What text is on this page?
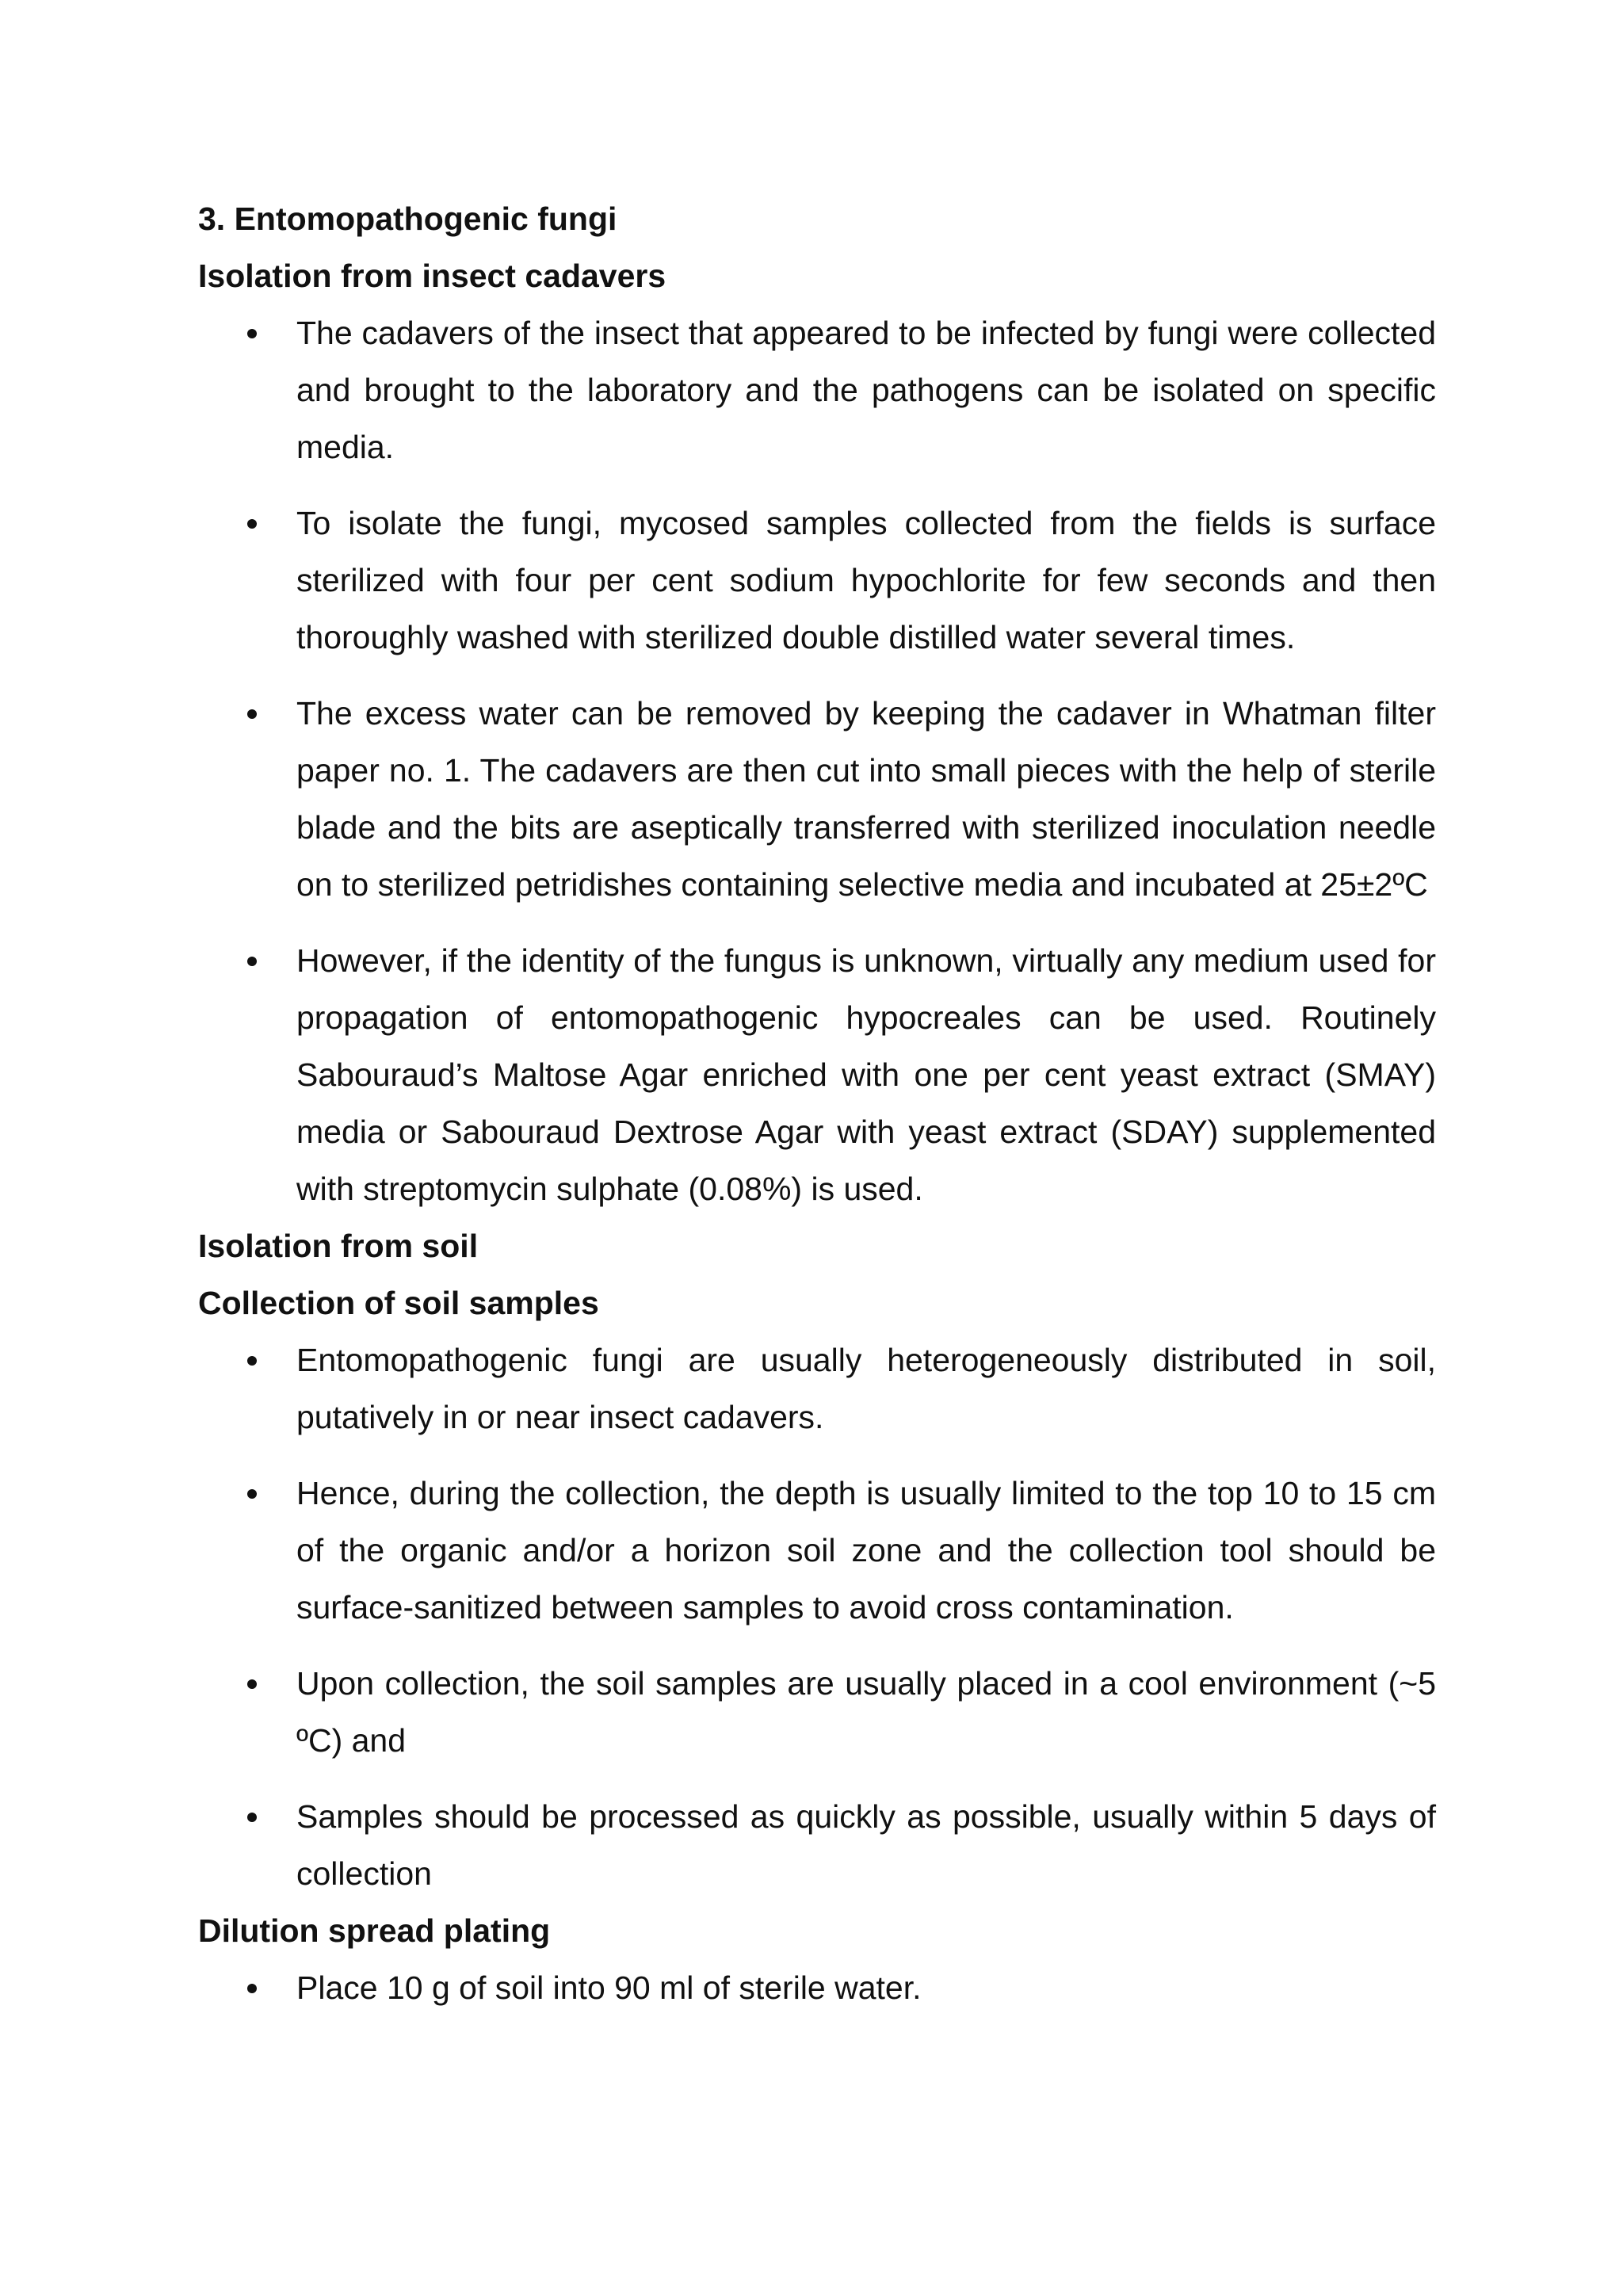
3. Entomopathogenic fungi
Isolation from insect cadavers
The cadavers of the insect that appeared to be infected by fungi were collected and brought to the laboratory and the pathogens can be isolated on specific media.
To isolate the fungi, mycosed samples collected from the fields is surface sterilized with four per cent sodium hypochlorite for few seconds and then thoroughly washed with sterilized double distilled water several times.
The excess water can be removed by keeping the cadaver in Whatman filter paper no. 1. The cadavers are then cut into small pieces with the help of sterile blade and the bits are aseptically transferred with sterilized inoculation needle on to sterilized petridishes containing selective media and incubated at 25±2ºC
However, if the identity of the fungus is unknown, virtually any medium used for propagation of entomopathogenic hypocreales can be used. Routinely Sabouraud’s Maltose Agar enriched with one per cent yeast extract (SMAY) media or Sabouraud Dextrose Agar with yeast extract (SDAY) supplemented with streptomycin sulphate (0.08%) is used.
Isolation from soil
Collection of soil samples
Entomopathogenic fungi are usually heterogeneously distributed in soil, putatively in or near insect cadavers.
Hence, during the collection, the depth is usually limited to the top 10 to 15 cm of the organic and/or a horizon soil zone and the collection tool should be surface-sanitized between samples to avoid cross contamination.
Upon collection, the soil samples are usually placed in a cool environment (~5 ºC) and
Samples should be processed as quickly as possible, usually within 5 days of collection
Dilution spread plating
Place 10 g of soil into 90 ml of sterile water.
